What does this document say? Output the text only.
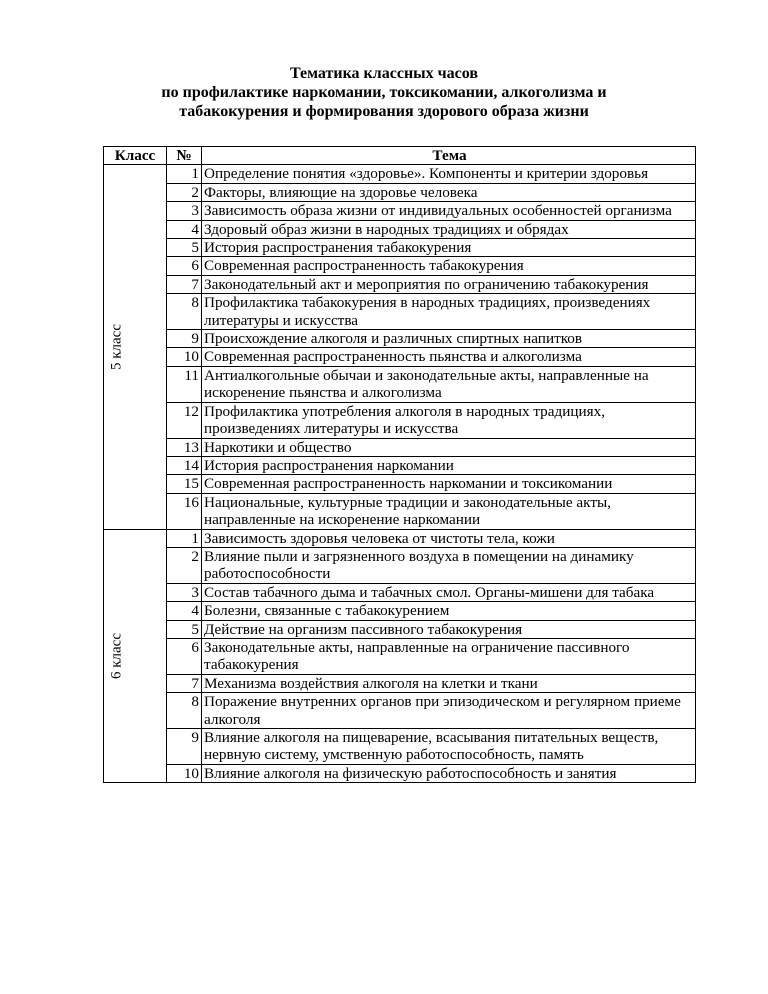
Тематика классных часов
по профилактике наркомании, токсикомании, алкоголизма и
табакокурения и формирования здорового образа жизни
Класс	№	Тема

5 класс	1	Определение понятия «здоровье». Компоненты и критерии здоровья
	2	Факторы, влияющие на здоровье человека
	3	Зависимость образа жизни от индивидуальных особенностей организма
	4	Здоровый образ жизни в народных традициях и обрядах
	5	История распространения табакокурения
	6	Современная распространенность табакокурения
	7	Законодательный акт и мероприятия по ограничению табакокурения
	8	Профилактика табакокурения в народных традициях, произведениях литературы и искусства
	9	Происхождение алкоголя и различных спиртных напитков
	10	Современная распространенность пьянства и алкоголизма
	11	Антиалкогольные обычаи и законодательные акты, направленные на искоренение пьянства и алкоголизма
	12	Профилактика употребления алкоголя в народных традициях, произведениях литературы и искусства
	13	Наркотики и общество
	14	История распространения наркомании
	15	Современная распространенность наркомании и токсикомании
	16	Национальные, культурные традиции и законодательные акты, направленные на искоренение наркомании

6 класс	1	Зависимость здоровья человека от чистоты тела, кожи
	2	Влияние пыли и загрязненного воздуха в помещении на динамику работоспособности
	3	Состав табачного дыма и табачных смол. Органы-мишени для табака
	4	Болезни, связанные с табакокурением
	5	Действие на организм пассивного табакокурения
	6	Законодательные акты, направленные на ограничение пассивного табакокурения
	7	Механизма воздействия алкоголя на клетки и ткани
	8	Поражение внутренних органов при эпизодическом и регулярном приеме алкоголя
	9	Влияние алкоголя на пищеварение, всасывания питательных веществ, нервную систему, умственную работоспособность, память
	10	Влияние алкоголя на физическую работоспособность и занятия
